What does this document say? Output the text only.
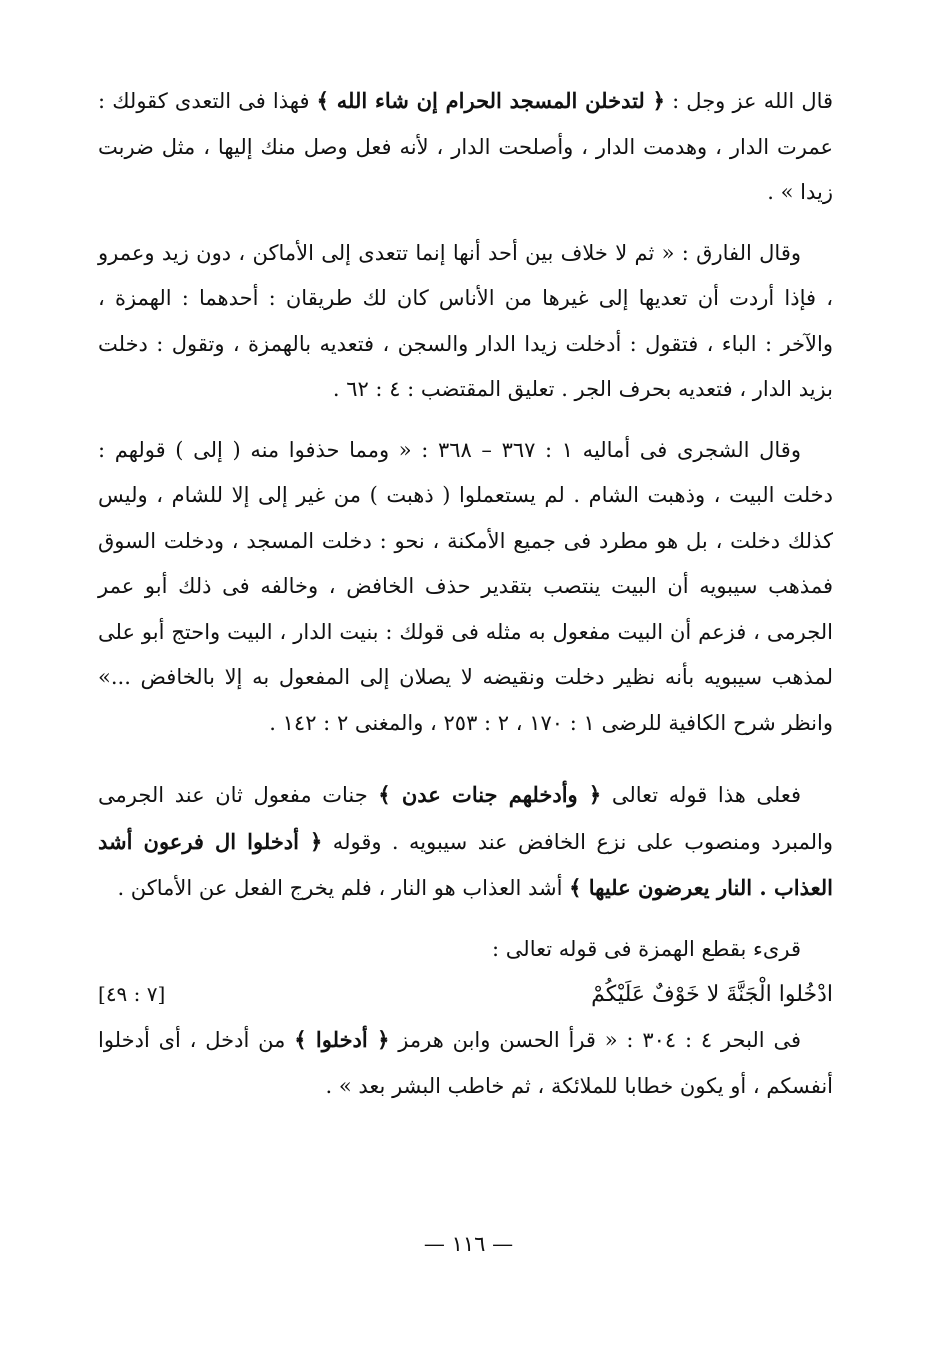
قال الله عز وجل : ﴿ لتدخلن المسجد الحرام إن شاء الله ﴾ فهذا فى التعدى كقولك : عمرت الدار ، وهدمت الدار ، وأصلحت الدار ، لأنه فعل وصل منك إليها ، مثل ضربت زيدا » .

وقال الفارق : « ثم لا خلاف بين أحد أنها إنما تتعدى إلى الأماكن ، دون زيد وعمرو ، فإذا أردت أن تعديها إلى غيرها من الأناس كان لك طريقان : أحدهما : الهمزة ، والآخر : الباء ، فتقول : أدخلت زيدا الدار والسجن ، فتعديه بالهمزة ، وتقول : دخلت بزيد الدار ، فتعديه بحرف الجر . تعليق المقتضب : ٤ : ٦٢ .

وقال الشجرى فى أماليه ١ : ٣٦٧ – ٣٦٨ : « ومما حذفوا منه ( إلى ) قولهم : دخلت البيت ، وذهبت الشام . لم يستعملوا ( ذهبت ) من غير إلى إلا للشام ، وليس كذلك دخلت ، بل هو مطرد فى جميع الأمكنة ، نحو : دخلت المسجد ، ودخلت السوق فمذهب سيبويه أن البيت ينتصب بتقدير حذف الخافض ، وخالفه فى ذلك أبو عمر الجرمى ، فزعم أن البيت مفعول به مثله فى قولك : بنيت الدار ، البيت واحتج أبو على لمذهب سيبويه بأنه نظير دخلت ونقيضه لا يصلان إلى المفعول به إلا بالخافض ...» وانظر شرح الكافية للرضى ١ : ١٧٠ ، ٢ : ٢٥٣ ، والمغنى ٢ : ١٤٢ .

فعلى هذا قوله تعالى ﴿ وأدخلهم جنات عدن ﴾ جنات مفعول ثان عند الجرمى والمبرد ومنصوب على نزع الخافض عند سيبويه . وقوله ﴿ أدخلوا ال فرعون أشد العذاب . النار يعرضون عليها ﴾ أشد العذاب هو النار ، فلم يخرج الفعل عن الأماكن .

قرىء بقطع الهمزة فى قوله تعالى :

ادْخُلوا الْجَنَّةَ لا خَوْفٌ عَلَيْكُمْ
[٧ : ٤٩]

فى البحر ٤ : ٣٠٤ : « قرأ الحسن وابن هرمز ﴿ أدخلوا ﴾ من أدخل ، أى أدخلوا أنفسكم ، أو يكون خطابا للملائكة ، ثم خاطب البشر بعد » .

— ١١٦ —
